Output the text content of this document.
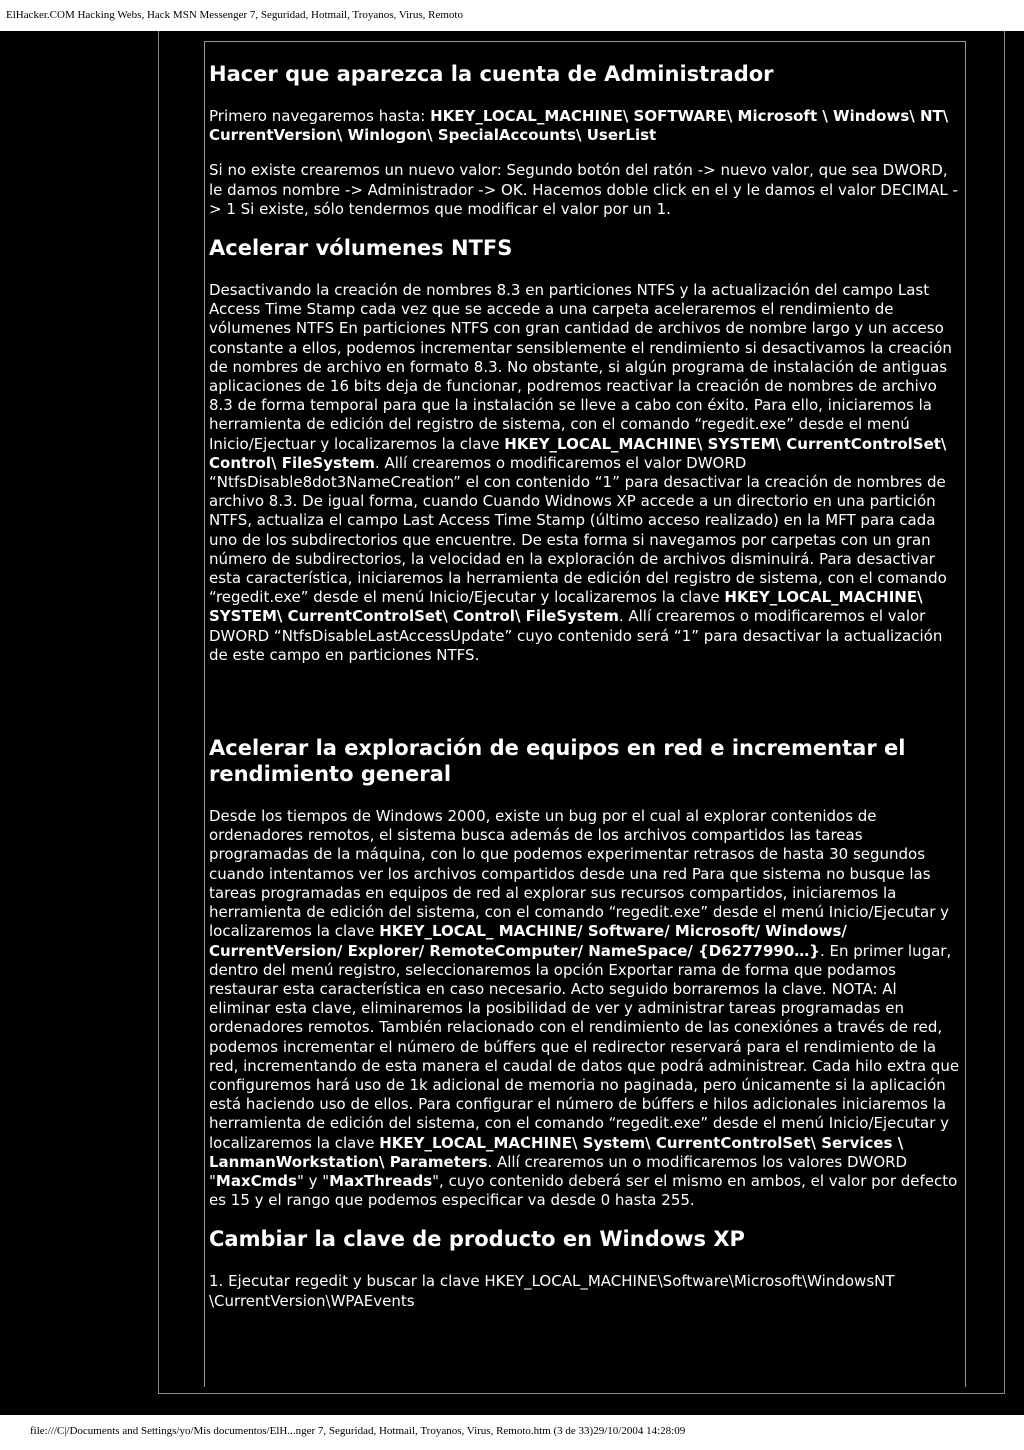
ElHacker.COM Hacking Webs, Hack MSN Messenger 7, Seguridad, Hotmail, Troyanos, Virus, Remoto
Hacer que aparezca la cuenta de Administrador

Primero navegaremos hasta: HKEY_LOCAL_MACHINE\ SOFTWARE\ Microsoft \ Windows\ NT\ CurrentVersion\ Winlogon\ SpecialAccounts\ UserList

Si no existe crearemos un nuevo valor: Segundo botón del ratón -> nuevo valor, que sea DWORD, le damos nombre -> Administrador -> OK. Hacemos doble click en el y le damos el valor DECIMAL -> 1 Si existe, sólo tendermos que modificar el valor por un 1.

Acelerar vólumenes NTFS

Desactivando la creación de nombres 8.3 en particiones NTFS y la actualización del campo Last Access Time Stamp cada vez que se accede a una carpeta aceleraremos el rendimiento de vólumenes NTFS En particiones NTFS con gran cantidad de archivos de nombre largo y un acceso constante a ellos, podemos incrementar sensiblemente el rendimiento si desactivamos la creación de nombres de archivo en formato 8.3. No obstante, si algún programa de instalación de antiguas aplicaciones de 16 bits deja de funcionar, podremos reactivar la creación de nombres de archivo 8.3 de forma temporal para que la instalación se lleve a cabo con éxito. Para ello, iniciaremos la herramienta de edición del registro de sistema, con el comando “regedit.exe” desde el menú Inicio/Ejectuar y localizaremos la clave HKEY_LOCAL_MACHINE\ SYSTEM\ CurrentControlSet\ Control\ FileSystem. Allí crearemos o modificaremos el valor DWORD “NtfsDisable8dot3NameCreation” el con contenido “1” para desactivar la creación de nombres de archivo 8.3. De igual forma, cuando Cuando Widnows XP accede a un directorio en una partición NTFS, actualiza el campo Last Access Time Stamp (último acceso realizado) en la MFT para cada uno de los subdirectorios que encuentre. De esta forma si navegamos por carpetas con un gran número de subdirectorios, la velocidad en la exploración de archivos disminuirá. Para desactivar esta característica, iniciaremos la herramienta de edición del registro de sistema, con el comando “regedit.exe” desde el menú Inicio/Ejecutar y localizaremos la clave HKEY_LOCAL_MACHINE\ SYSTEM\ CurrentControlSet\ Control\ FileSystem. Allí crearemos o modificaremos el valor DWORD “NtfsDisableLastAccessUpdate” cuyo contenido será “1” para desactivar la actualización de este campo en particiones NTFS.

Acelerar la exploración de equipos en red e incrementar el rendimiento general

Desde los tiempos de Windows 2000, existe un bug por el cual al explorar contenidos de ordenadores remotos, el sistema busca además de los archivos compartidos las tareas programadas de la máquina, con lo que podemos experimentar retrasos de hasta 30 segundos cuando intentamos ver los archivos compartidos desde una red Para que sistema no busque las tareas programadas en equipos de red al explorar sus recursos compartidos, iniciaremos la herramienta de edición del sistema, con el comando “regedit.exe” desde el menú Inicio/Ejecutar y localizaremos la clave HKEY_LOCAL_ MACHINE/ Software/ Microsoft/ Windows/ CurrentVersion/ Explorer/ RemoteComputer/ NameSpace/ {D6277990…}. En primer lugar, dentro del menú registro, seleccionaremos la opción Exportar rama de forma que podamos restaurar esta característica en caso necesario. Acto seguido borraremos la clave. NOTA: Al eliminar esta clave, eliminaremos la posibilidad de ver y administrar tareas programadas en ordenadores remotos. También relacionado con el rendimiento de las conexiónes a través de red, podemos incrementar el número de búffers que el redirector reservará para el rendimiento de la red, incrementando de esta manera el caudal de datos que podrá administrear. Cada hilo extra que configuremos hará uso de 1k adicional de memoria no paginada, pero únicamente si la aplicación está haciendo uso de ellos. Para configurar el número de búffers e hilos adicionales iniciaremos la herramienta de edición del sistema, con el comando “regedit.exe” desde el menú Inicio/Ejecutar y localizaremos la clave HKEY_LOCAL_MACHINE\ System\ CurrentControlSet\ Services \ LanmanWorkstation\ Parameters. Allí crearemos un o modificaremos los valores DWORD "MaxCmds" y "MaxThreads", cuyo contenido deberá ser el mismo en ambos, el valor por defecto es 15 y el rango que podemos especificar va desde 0 hasta 255.

Cambiar la clave de producto en Windows XP

1. Ejecutar regedit y buscar la clave HKEY_LOCAL_MACHINE\Software\Microsoft\WindowsNT \CurrentVersion\WPAEvents

file:///C|/Documents and Settings/yo/Mis documentos/ElH...nger 7, Seguridad, Hotmail, Troyanos, Virus, Remoto.htm (3 de 33)29/10/2004 14:28:09
